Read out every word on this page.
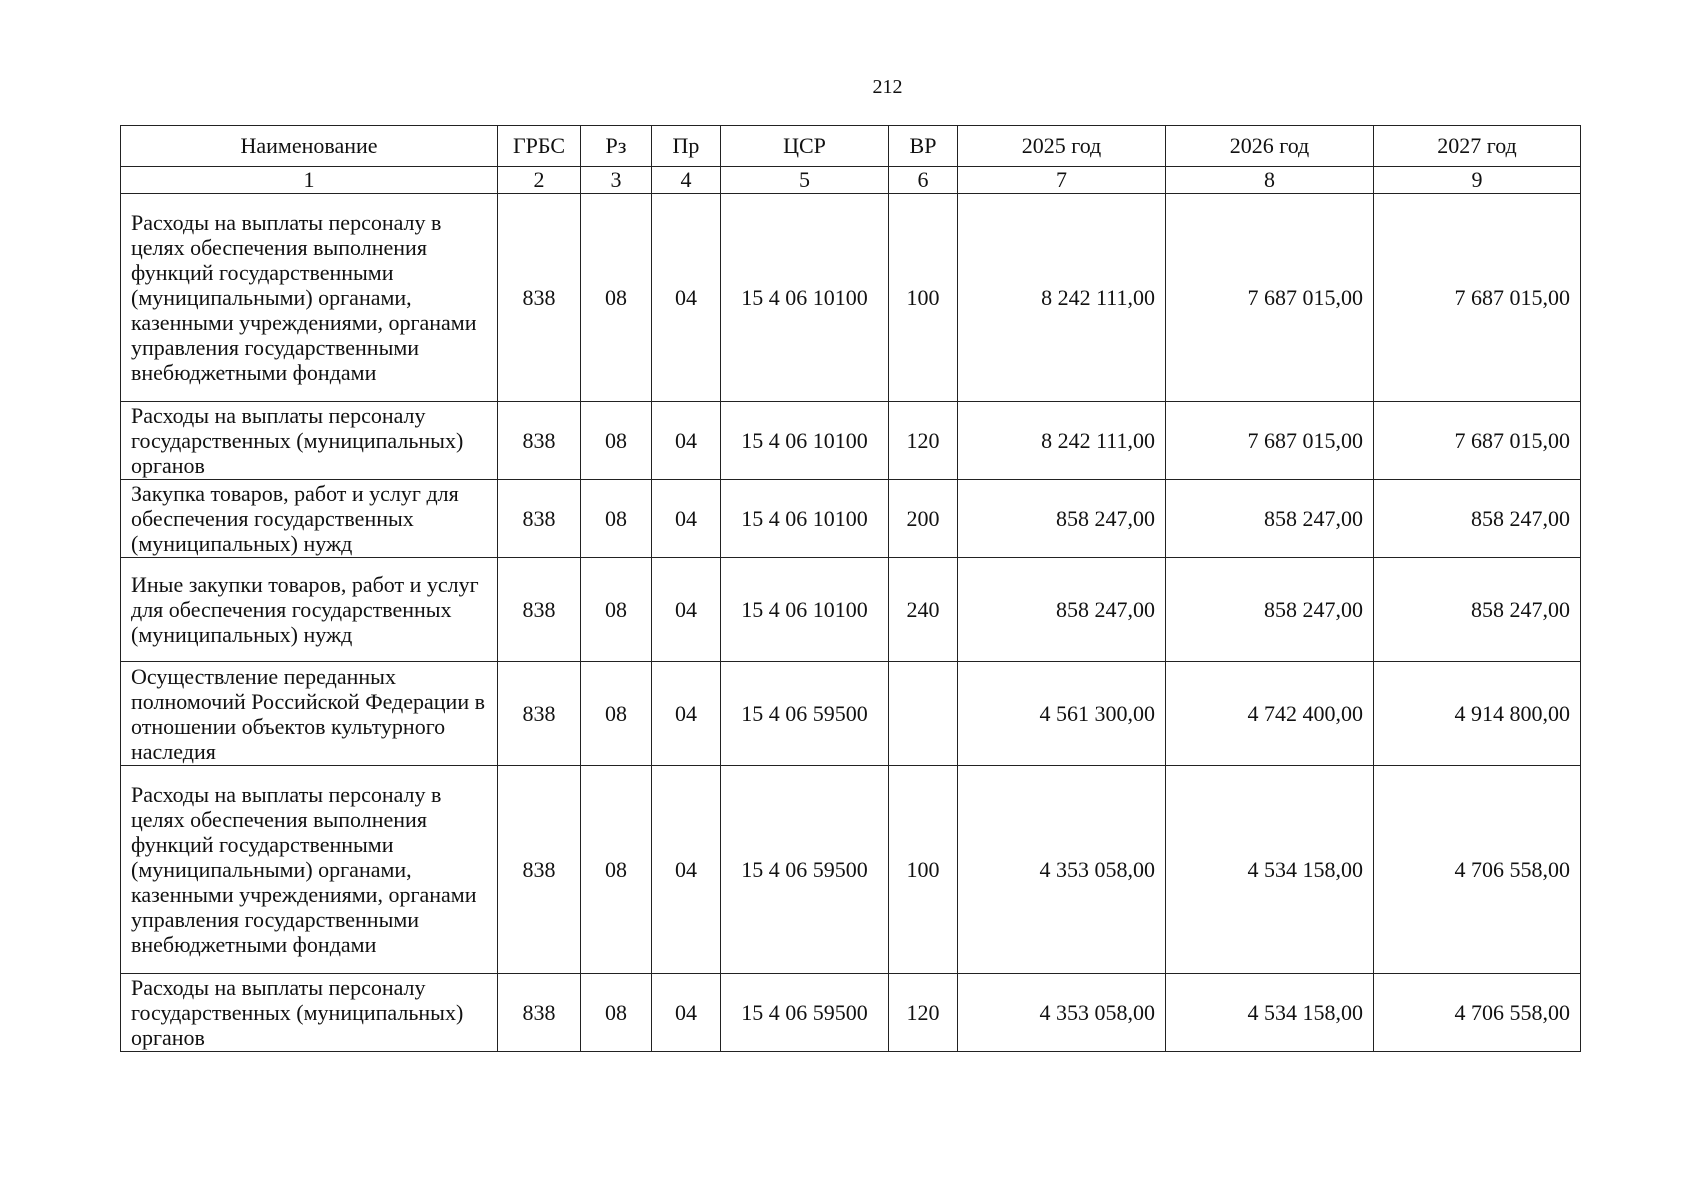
212
Наименование	ГРБС	Рз	Пр	ЦСР	ВР	2025 год	2026 год	2027 год
1	2	3	4	5	6	7	8	9
Расходы на выплаты персоналу в целях обеспечения выполнения функций государственными (муниципальными) органами, казенными учреждениями, органами управления государственными внебюджетными фондами	838	08	04	15 4 06 10100	100	8 242 111,00	7 687 015,00	7 687 015,00
Расходы на выплаты персоналу государственных (муниципальных) органов	838	08	04	15 4 06 10100	120	8 242 111,00	7 687 015,00	7 687 015,00
Закупка товаров, работ и услуг для обеспечения государственных (муниципальных) нужд	838	08	04	15 4 06 10100	200	858 247,00	858 247,00	858 247,00
Иные закупки товаров, работ и услуг для обеспечения государственных (муниципальных) нужд	838	08	04	15 4 06 10100	240	858 247,00	858 247,00	858 247,00
Осуществление переданных полномочий Российской Федерации в отношении объектов культурного наследия	838	08	04	15 4 06 59500		4 561 300,00	4 742 400,00	4 914 800,00
Расходы на выплаты персоналу в целях обеспечения выполнения функций государственными (муниципальными) органами, казенными учреждениями, органами управления государственными внебюджетными фондами	838	08	04	15 4 06 59500	100	4 353 058,00	4 534 158,00	4 706 558,00
Расходы на выплаты персоналу государственных (муниципальных) органов	838	08	04	15 4 06 59500	120	4 353 058,00	4 534 158,00	4 706 558,00
